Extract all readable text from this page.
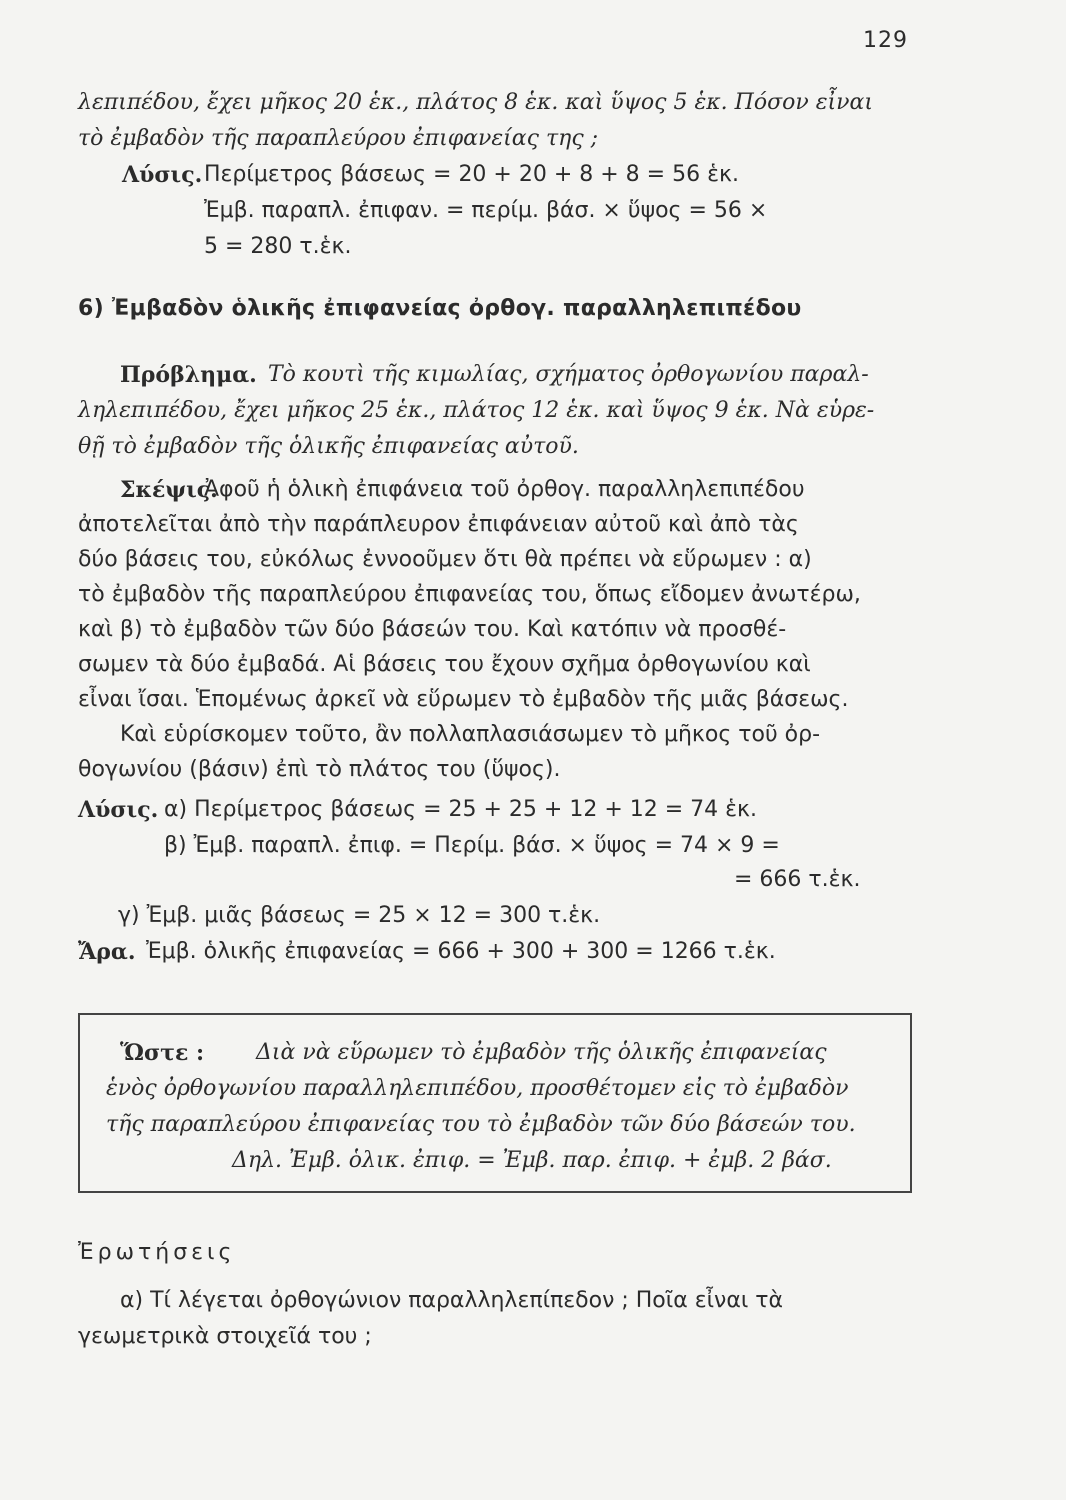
129
λεπιπέδου, ἔχει μῆκος 20 ἑκ., πλάτος 8 ἑκ. καὶ ὕψος 5 ἑκ. Πόσον εἶναι
τὸ ἐμβαδὸν τῆς παραπλεύρου ἐπιφανείας της ;
Λύσις. Περίμετρος βάσεως = 20 + 20 + 8 + 8 = 56 ἑκ.
Ἐμβ. παραπλ. ἐπιφαν. = περίμ. βάσ. × ὕψος = 56 ×
5 = 280 τ.ἑκ.
6) Ἐμβαδὸν ὁλικῆς ἐπιφανείας ὀρθογ. παραλληλεπιπέδου
Πρόβλημα. Τὸ κουτὶ τῆς κιμωλίας, σχήματος ὀρθογωνίου παραλ-
ληλεπιπέδου, ἔχει μῆκος 25 ἑκ., πλάτος 12 ἑκ. καὶ ὕψος 9 ἑκ. Νὰ εὑρε-
θῇ τὸ ἐμβαδὸν τῆς ὁλικῆς ἐπιφανείας αὐτοῦ.
Σκέψις.
Ἀφοῦ ἡ ὁλικὴ ἐπιφάνεια τοῦ ὀρθογ. παραλληλεπιπέδου
ἀποτελεῖται ἀπὸ τὴν παράπλευρον ἐπιφάνειαν αὐτοῦ καὶ ἀπὸ τὰς
δύο βάσεις του, εὐκόλως ἐννοοῦμεν ὅτι θὰ πρέπει νὰ εὕρωμεν : α)
τὸ ἐμβαδὸν τῆς παραπλεύρου ἐπιφανείας του, ὅπως εἴδομεν ἀνωτέρω,
καὶ β) τὸ ἐμβαδὸν τῶν δύο βάσεών του. Καὶ κατόπιν νὰ προσθέ-
σωμεν τὰ δύο ἐμβαδά. Αἱ βάσεις του ἔχουν σχῆμα ὀρθογωνίου καὶ
εἶναι ἴσαι. Ἑπομένως ἀρκεῖ νὰ εὕρωμεν τὸ ἐμβαδὸν τῆς μιᾶς βάσεως.
Καὶ εὑρίσκομεν τοῦτο, ἂν πολλαπλασιάσωμεν τὸ μῆκος τοῦ ὀρ-
θογωνίου (βάσιν) ἐπὶ τὸ πλάτος του (ὕψος).
Λύσις. α) Περίμετρος βάσεως = 25 + 25 + 12 + 12 = 74 ἑκ.
β) Ἐμβ. παραπλ. ἐπιφ. = Περίμ. βάσ. × ὕψος = 74 × 9 =
= 666 τ.ἑκ.
γ) Ἐμβ. μιᾶς βάσεως = 25 × 12 = 300 τ.ἑκ.
Ἄρα. Ἐμβ. ὁλικῆς ἐπιφανείας = 666 + 300 + 300 = 1266 τ.ἑκ.
Ὥστε : Διὰ νὰ εὕρωμεν τὸ ἐμβαδὸν τῆς ὁλικῆς ἐπιφανείας
ἑνὸς ὀρθογωνίου παραλληλεπιπέδου, προσθέτομεν εἰς τὸ ἐμβαδὸν
τῆς παραπλεύρου ἐπιφανείας του τὸ ἐμβαδὸν τῶν δύο βάσεών του.
Δηλ. Ἐμβ. ὁλικ. ἐπιφ. = Ἐμβ. παρ. ἐπιφ. + ἐμβ. 2 βάσ.
Ἐρωτήσεις
α) Τί λέγεται ὀρθογώνιον παραλληλεπίπεδον ; Ποῖα εἶναι τὰ
γεωμετρικὰ στοιχεῖά του ;
